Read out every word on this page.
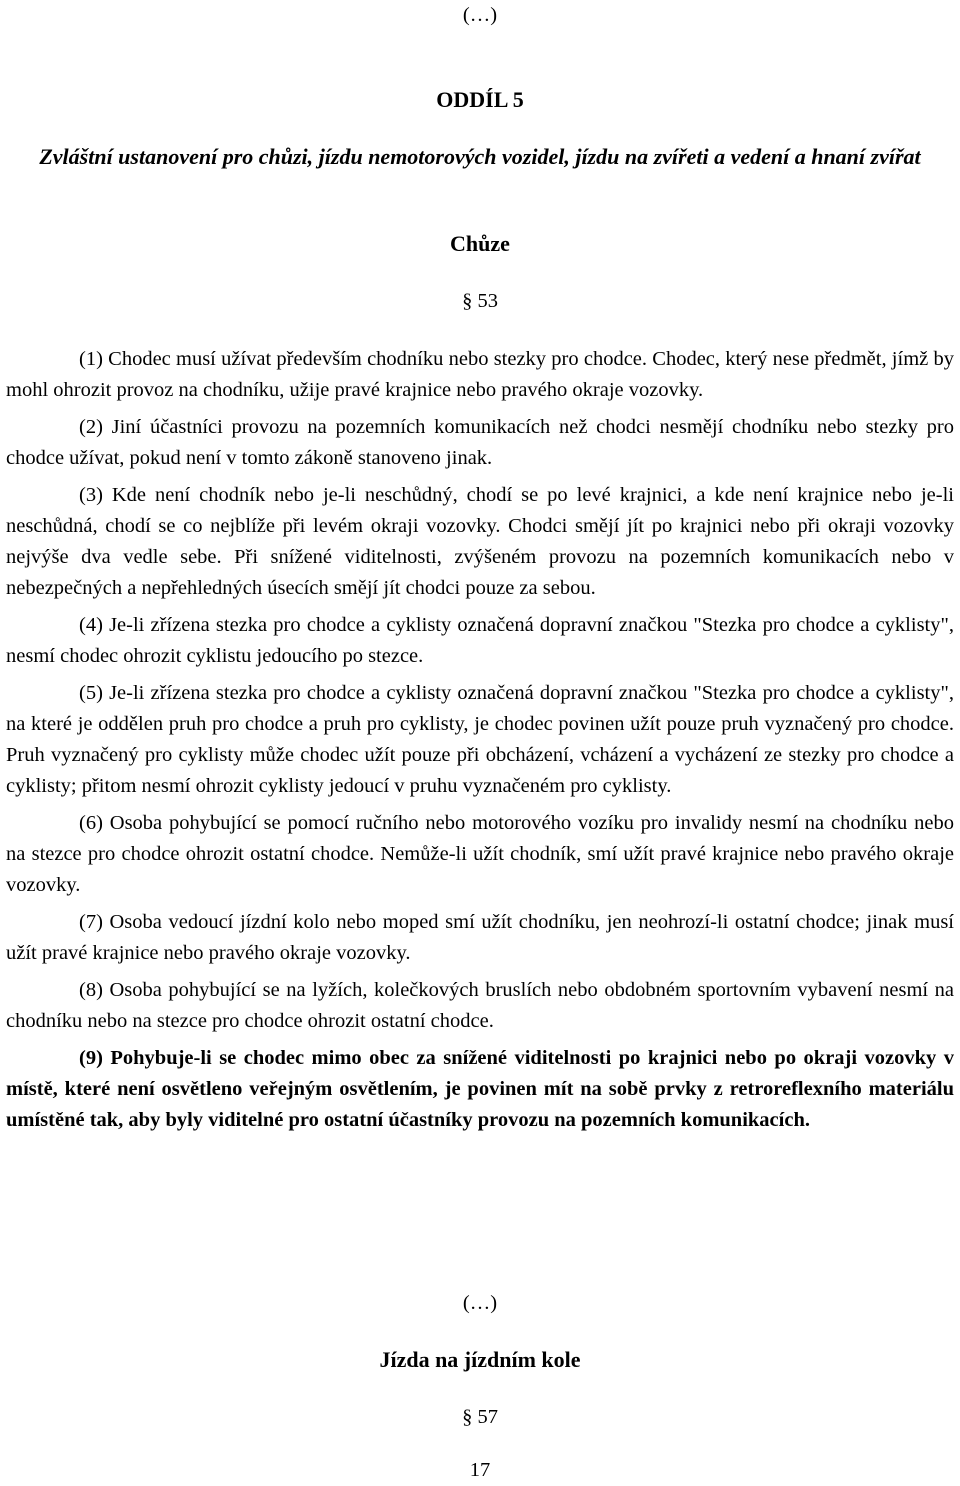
(…)
ODDÍL 5
Zvláštní ustanovení pro chůzi, jízdu nemotorových vozidel, jízdu na zvířeti a vedení a hnaní zvířat
Chůze
§ 53

(1) Chodec musí užívat především chodníku nebo stezky pro chodce. Chodec, který nese předmět, jímž by mohl ohrozit provoz na chodníku, užije pravé krajnice nebo pravého okraje vozovky.

(2) Jiní účastníci provozu na pozemních komunikacích než chodci nesmějí chodníku nebo stezky pro chodce užívat, pokud není v tomto zákoně stanoveno jinak.

(3) Kde není chodník nebo je-li neschůdný, chodí se po levé krajnici, a kde není krajnice nebo je-li neschůdná, chodí se co nejblíže při levém okraji vozovky. Chodci smějí jít po krajnici nebo při okraji vozovky nejvýše dva vedle sebe. Při snížené viditelnosti, zvýšeném provozu na pozemních komunikacích nebo v nebezpečných a nepřehledných úsecích smějí jít chodci pouze za sebou.

(4) Je-li zřízena stezka pro chodce a cyklisty označená dopravní značkou "Stezka pro chodce a cyklisty", nesmí chodec ohrozit cyklistu jedoucího po stezce.

(5) Je-li zřízena stezka pro chodce a cyklisty označená dopravní značkou "Stezka pro chodce a cyklisty", na které je oddělen pruh pro chodce a pruh pro cyklisty, je chodec povinen užít pouze pruh vyznačený pro chodce. Pruh vyznačený pro cyklisty může chodec užít pouze při obcházení, vcházení a vycházení ze stezky pro chodce a cyklisty; přitom nesmí ohrozit cyklisty jedoucí v pruhu vyznačeném pro cyklisty.

(6) Osoba pohybující se pomocí ručního nebo motorového vozíku pro invalidy nesmí na chodníku nebo na stezce pro chodce ohrozit ostatní chodce. Nemůže-li užít chodník, smí užít pravé krajnice nebo pravého okraje vozovky.

(7) Osoba vedoucí jízdní kolo nebo moped smí užít chodníku, jen neohrozí-li ostatní chodce; jinak musí užít pravé krajnice nebo pravého okraje vozovky.

(8) Osoba pohybující se na lyžích, kolečkových bruslích nebo obdobném sportovním vybavení nesmí na chodníku nebo na stezce pro chodce ohrozit ostatní chodce.

(9) Pohybuje-li se chodec mimo obec za snížené viditelnosti po krajnici nebo po okraji vozovky v místě, které není osvětleno veřejným osvětlením, je povinen mít na sobě prvky z retroreflexního materiálu umístěné tak, aby byly viditelné pro ostatní účastníky provozu na pozemních komunikacích.

(…)
Jízda na jízdním kole
§ 57
17
